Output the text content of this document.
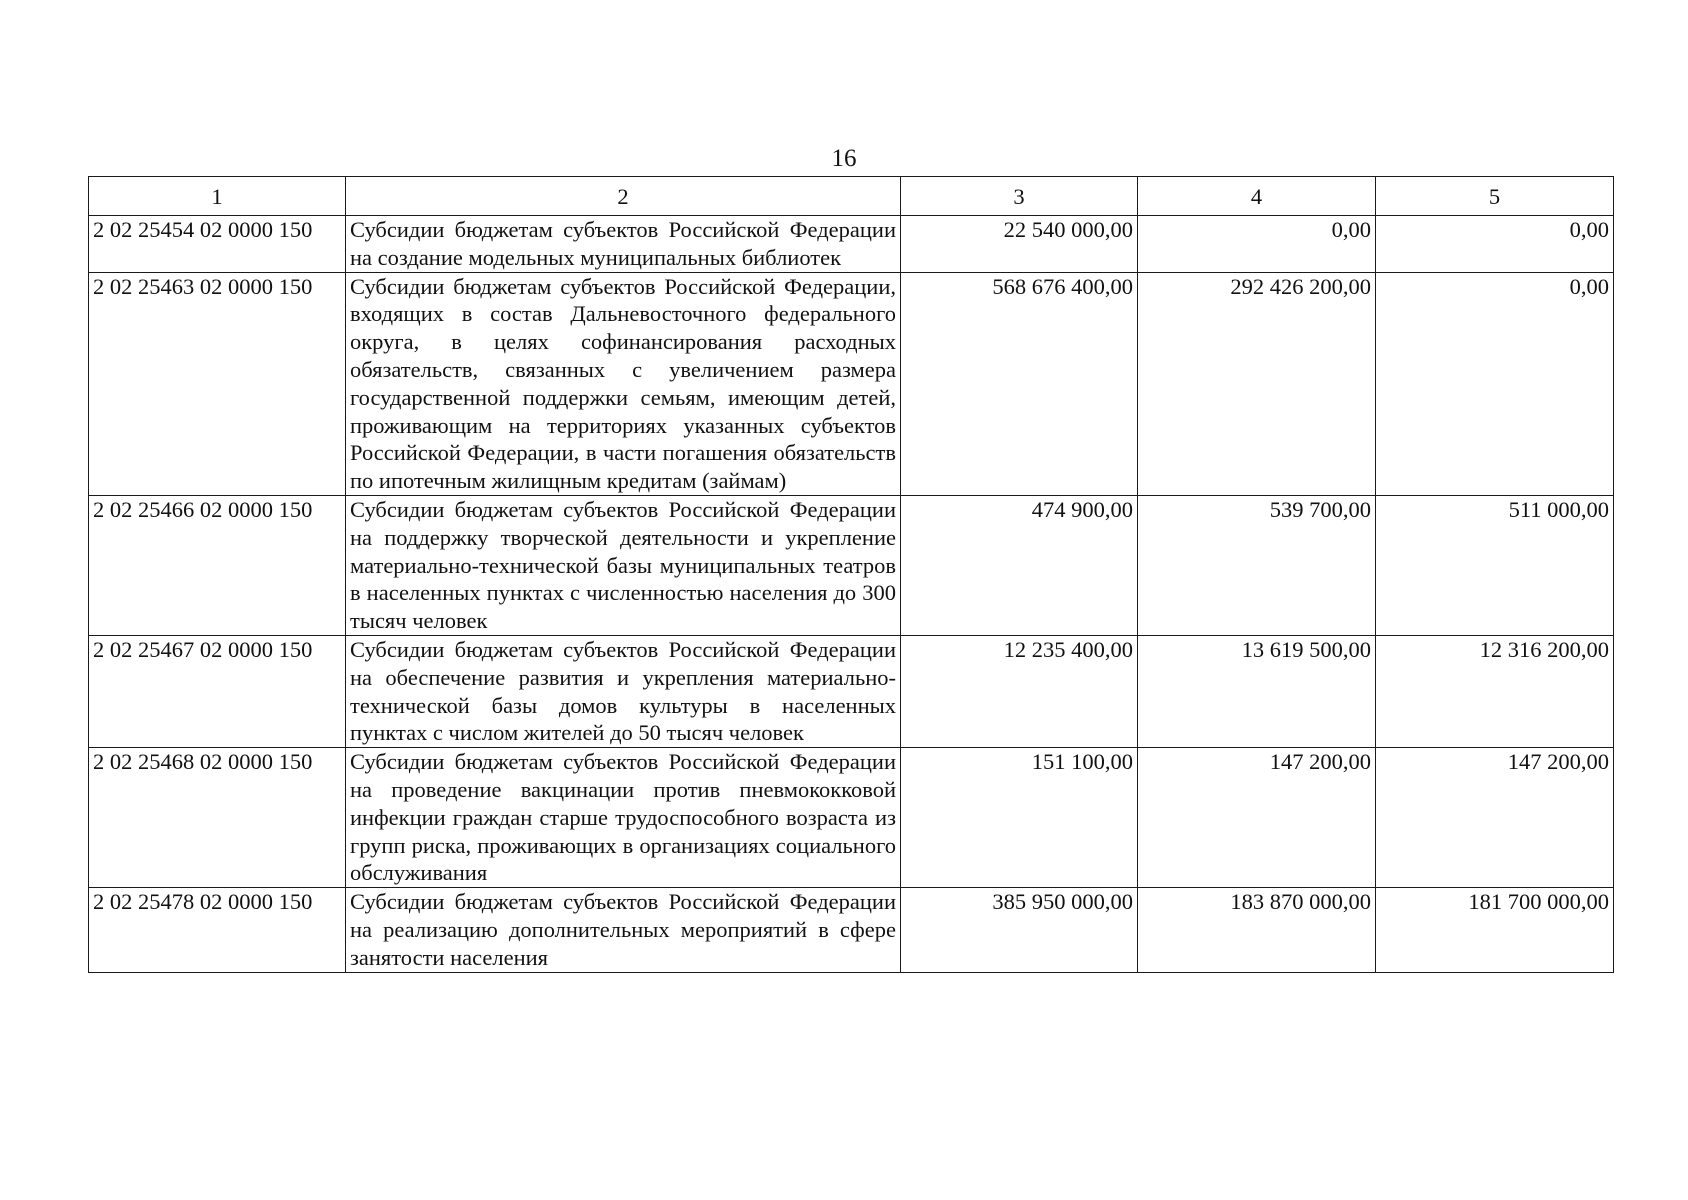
16
1	2	3	4	5
2 02 25454 02 0000 150	Субсидии бюджетам субъектов Российской Федерации на создание модельных муниципальных библиотек	22 540 000,00	0,00	0,00
2 02 25463 02 0000 150	Субсидии бюджетам субъектов Российской Федерации, входящих в состав Дальневосточного федерального округа, в целях софинансирования расходных обязательств, связанных с увеличением размера государственной поддержки семьям, имеющим детей, проживающим на территориях указанных субъектов Российской Федерации, в части погашения обязательств по ипотечным жилищным кредитам (займам)	568 676 400,00	292 426 200,00	0,00
2 02 25466 02 0000 150	Субсидии бюджетам субъектов Российской Федерации на поддержку творческой деятельности и укрепление материально-технической базы муниципальных театров в населенных пунктах с численностью населения до 300 тысяч человек	474 900,00	539 700,00	511 000,00
2 02 25467 02 0000 150	Субсидии бюджетам субъектов Российской Федерации на обеспечение развития и укрепления материально-технической базы домов культуры в населенных пунктах с числом жителей до 50 тысяч человек	12 235 400,00	13 619 500,00	12 316 200,00
2 02 25468 02 0000 150	Субсидии бюджетам субъектов Российской Федерации на проведение вакцинации против пневмококковой инфекции граждан старше трудоспособного возраста из групп риска, проживающих в организациях социального обслуживания	151 100,00	147 200,00	147 200,00
2 02 25478 02 0000 150	Субсидии бюджетам субъектов Российской Федерации на реализацию дополнительных мероприятий в сфере занятости населения	385 950 000,00	183 870 000,00	181 700 000,00
